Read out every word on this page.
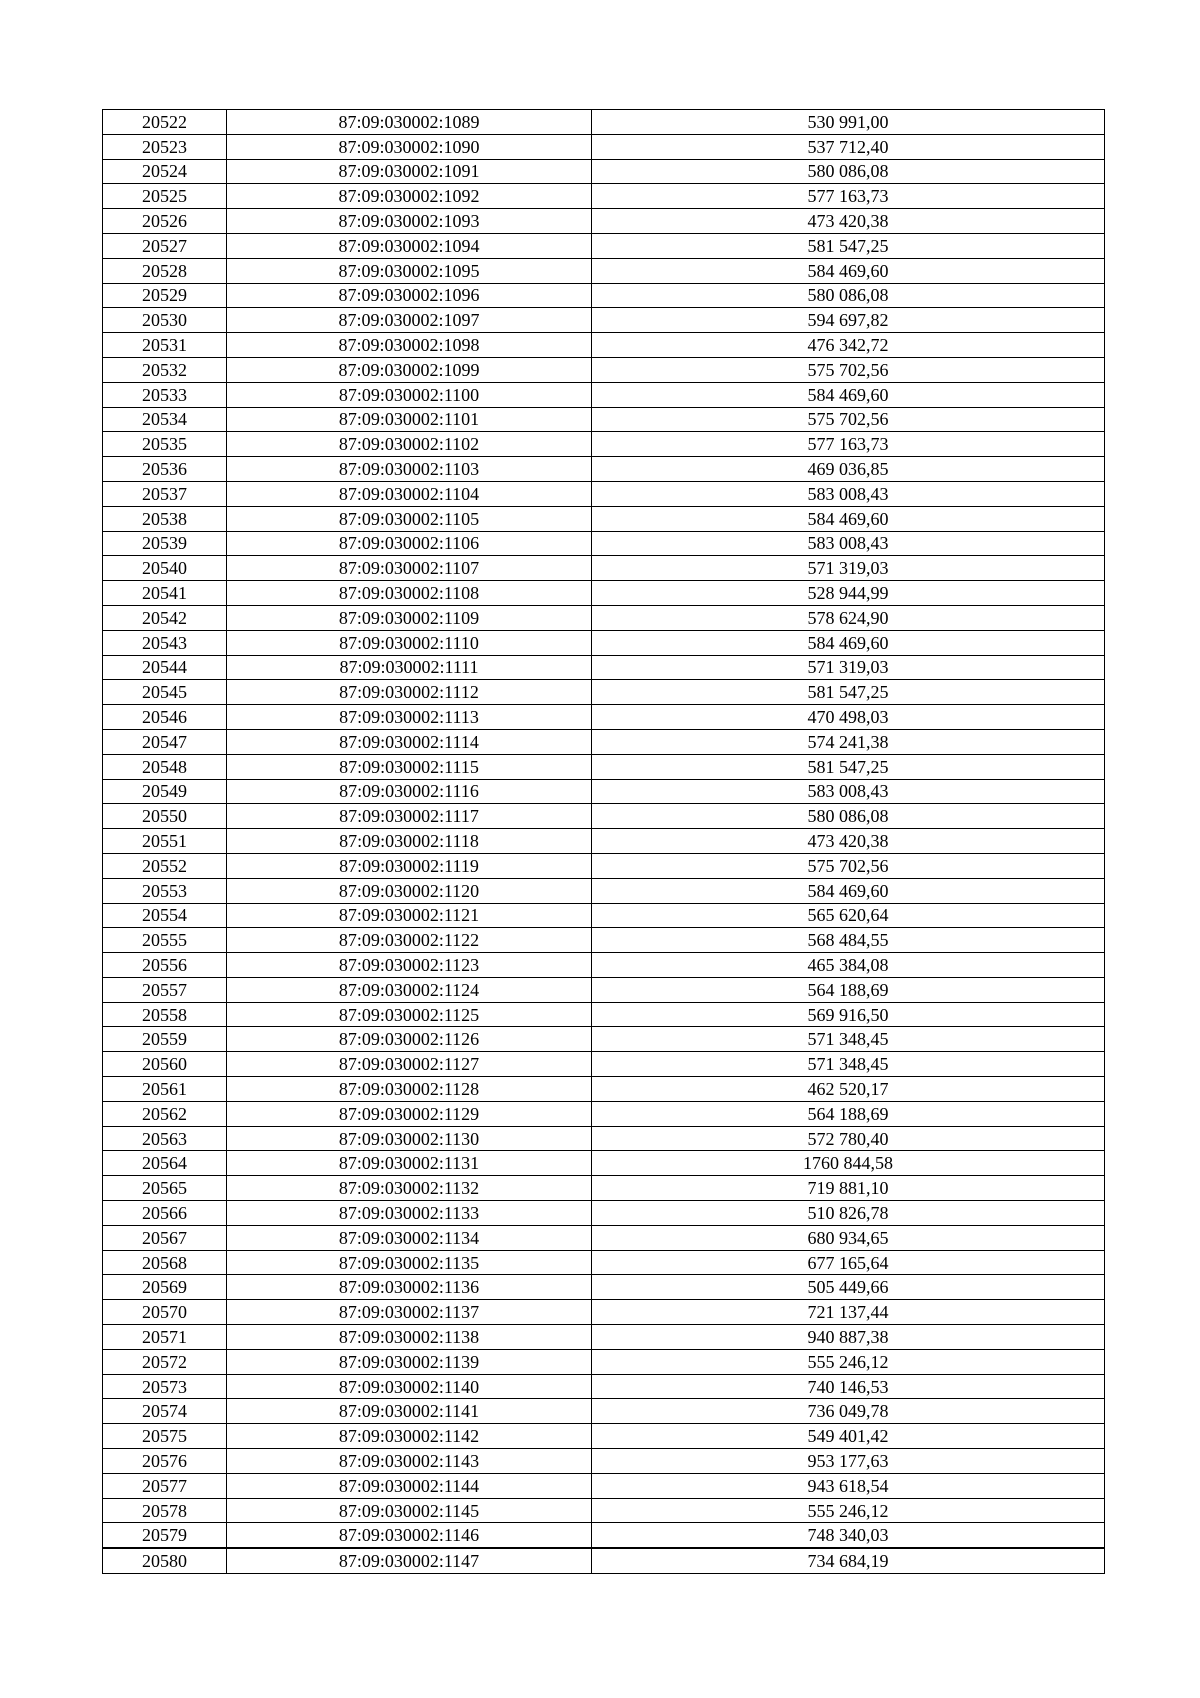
20522	87:09:030002:1089	530 991,00
20523	87:09:030002:1090	537 712,40
20524	87:09:030002:1091	580 086,08
20525	87:09:030002:1092	577 163,73
20526	87:09:030002:1093	473 420,38
20527	87:09:030002:1094	581 547,25
20528	87:09:030002:1095	584 469,60
20529	87:09:030002:1096	580 086,08
20530	87:09:030002:1097	594 697,82
20531	87:09:030002:1098	476 342,72
20532	87:09:030002:1099	575 702,56
20533	87:09:030002:1100	584 469,60
20534	87:09:030002:1101	575 702,56
20535	87:09:030002:1102	577 163,73
20536	87:09:030002:1103	469 036,85
20537	87:09:030002:1104	583 008,43
20538	87:09:030002:1105	584 469,60
20539	87:09:030002:1106	583 008,43
20540	87:09:030002:1107	571 319,03
20541	87:09:030002:1108	528 944,99
20542	87:09:030002:1109	578 624,90
20543	87:09:030002:1110	584 469,60
20544	87:09:030002:1111	571 319,03
20545	87:09:030002:1112	581 547,25
20546	87:09:030002:1113	470 498,03
20547	87:09:030002:1114	574 241,38
20548	87:09:030002:1115	581 547,25
20549	87:09:030002:1116	583 008,43
20550	87:09:030002:1117	580 086,08
20551	87:09:030002:1118	473 420,38
20552	87:09:030002:1119	575 702,56
20553	87:09:030002:1120	584 469,60
20554	87:09:030002:1121	565 620,64
20555	87:09:030002:1122	568 484,55
20556	87:09:030002:1123	465 384,08
20557	87:09:030002:1124	564 188,69
20558	87:09:030002:1125	569 916,50
20559	87:09:030002:1126	571 348,45
20560	87:09:030002:1127	571 348,45
20561	87:09:030002:1128	462 520,17
20562	87:09:030002:1129	564 188,69
20563	87:09:030002:1130	572 780,40
20564	87:09:030002:1131	1760 844,58
20565	87:09:030002:1132	719 881,10
20566	87:09:030002:1133	510 826,78
20567	87:09:030002:1134	680 934,65
20568	87:09:030002:1135	677 165,64
20569	87:09:030002:1136	505 449,66
20570	87:09:030002:1137	721 137,44
20571	87:09:030002:1138	940 887,38
20572	87:09:030002:1139	555 246,12
20573	87:09:030002:1140	740 146,53
20574	87:09:030002:1141	736 049,78
20575	87:09:030002:1142	549 401,42
20576	87:09:030002:1143	953 177,63
20577	87:09:030002:1144	943 618,54
20578	87:09:030002:1145	555 246,12
20579	87:09:030002:1146	748 340,03
20580	87:09:030002:1147	734 684,19
